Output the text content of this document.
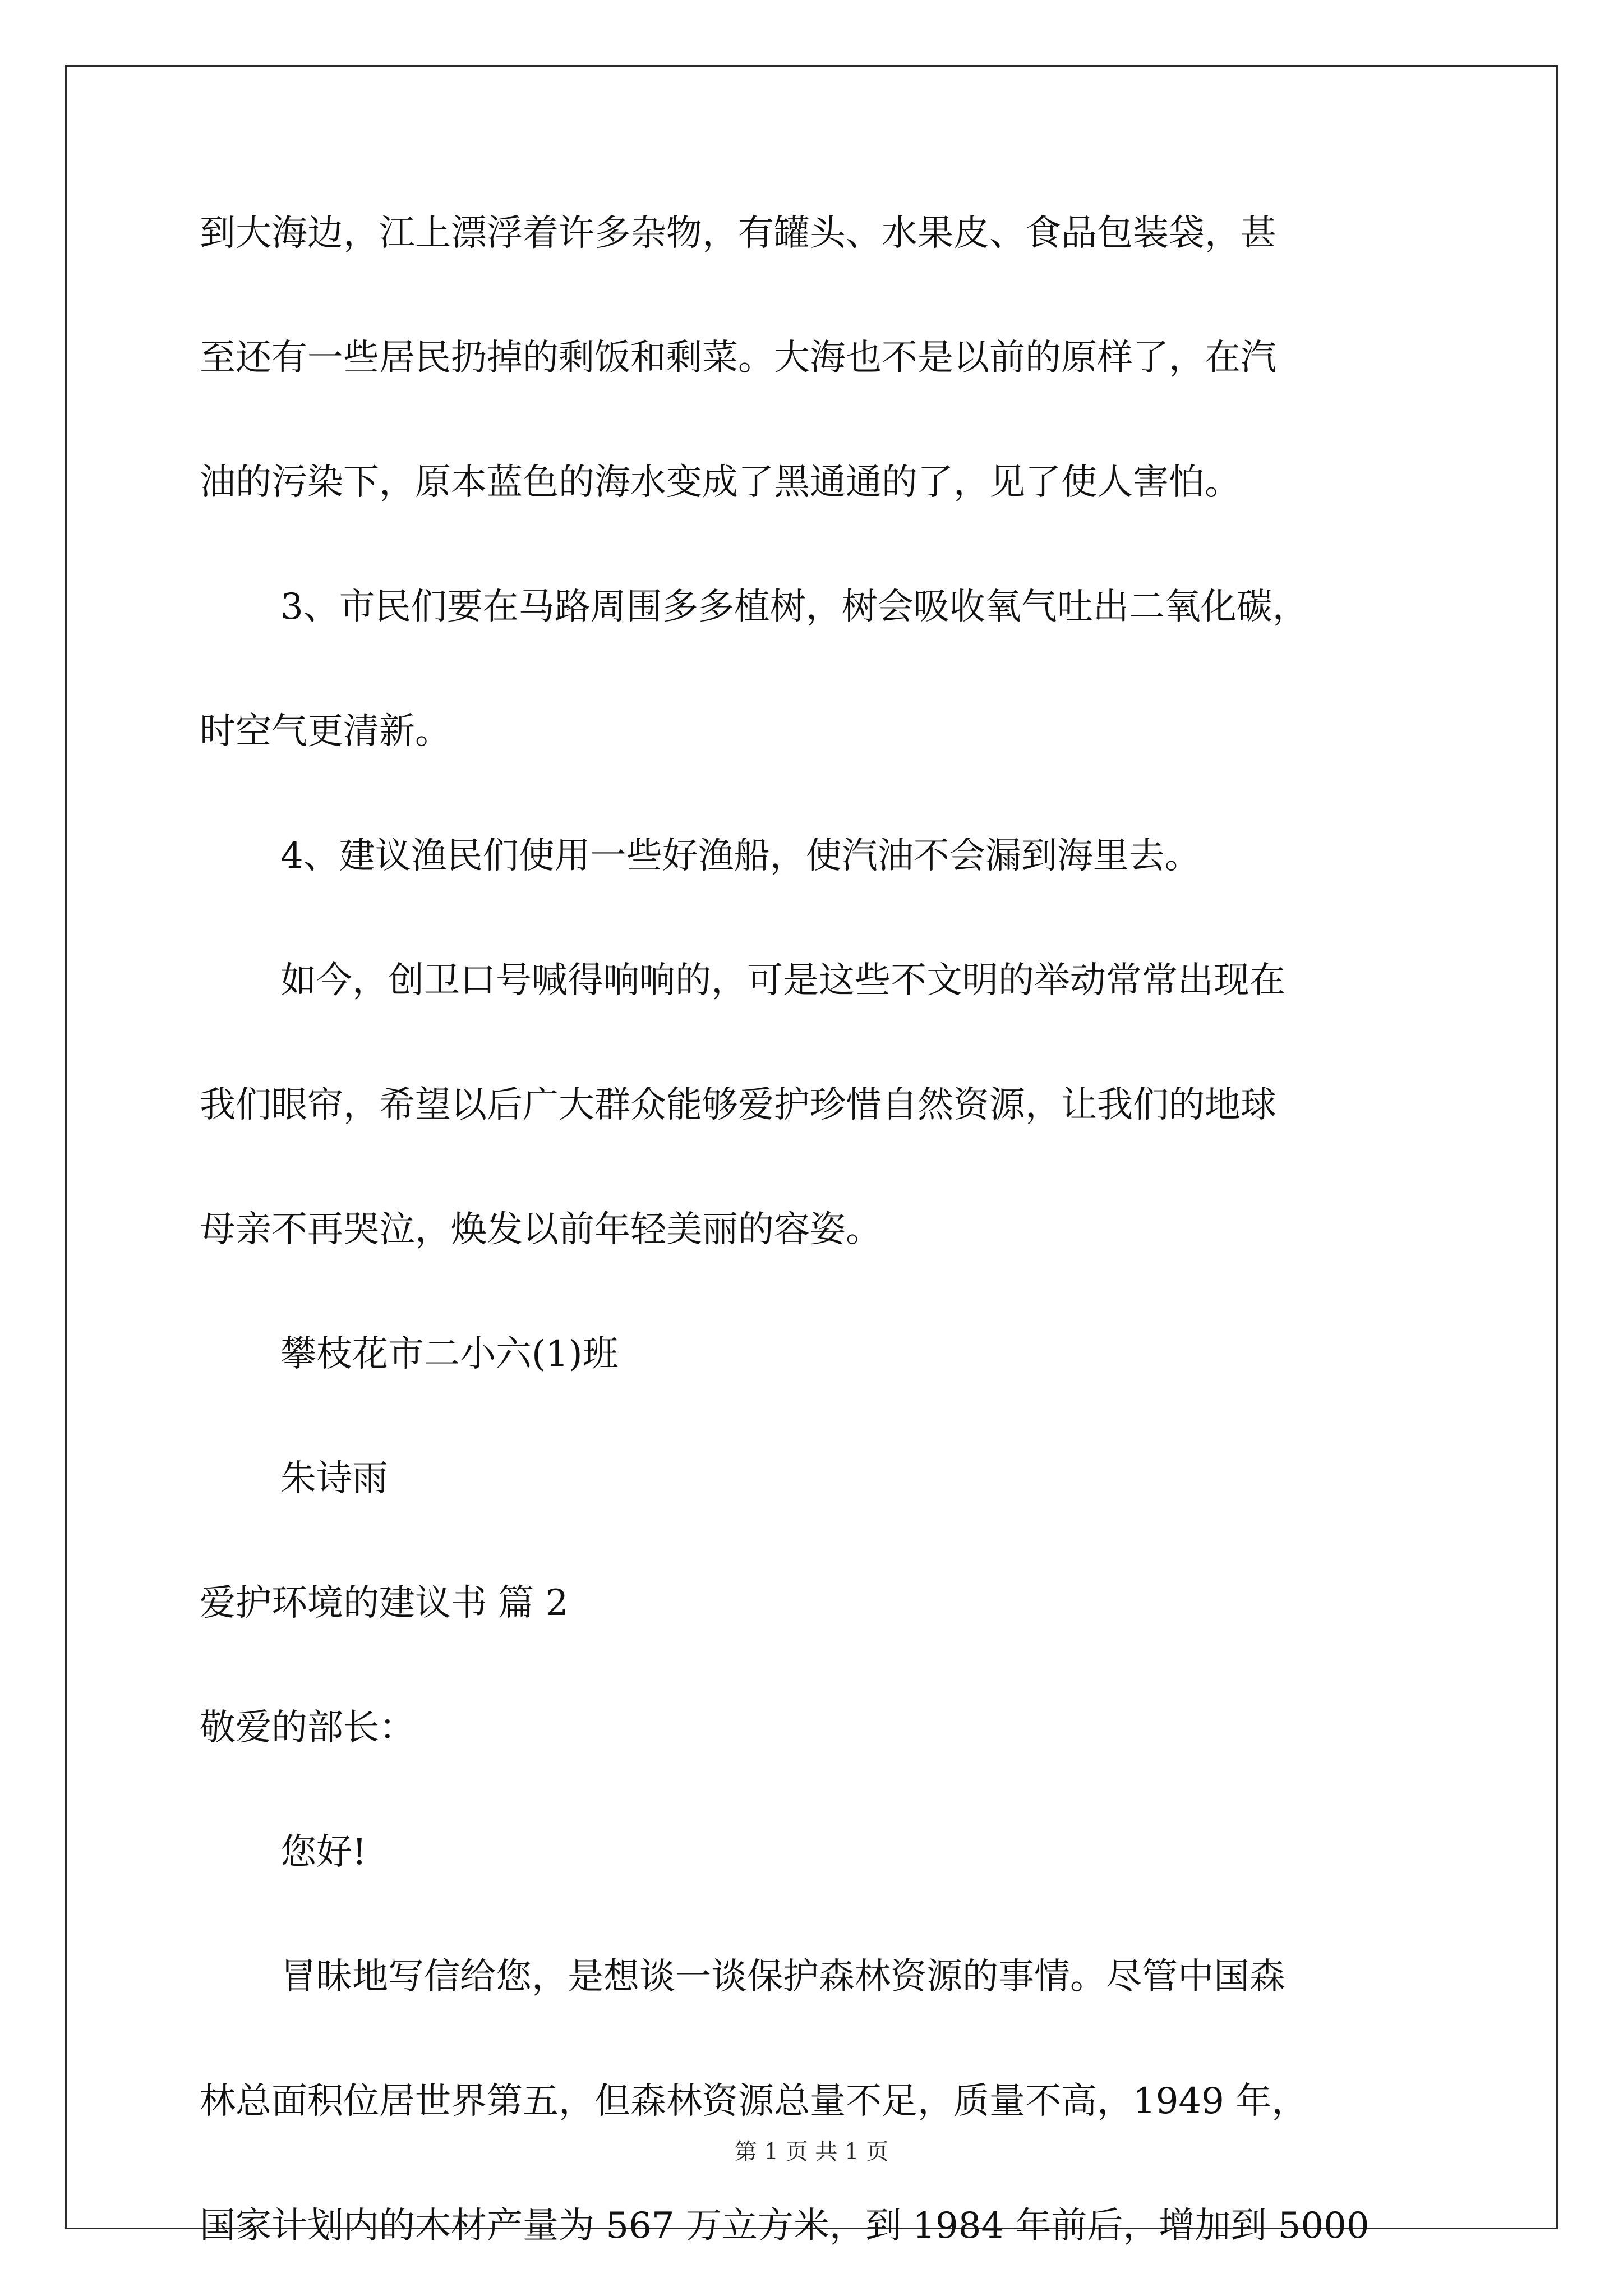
到大海边，江上漂浮着许多杂物，有罐头、水果皮、食品包装袋，甚
至还有一些居民扔掉的剩饭和剩菜。大海也不是以前的原样了，在汽
油的污染下，原本蓝色的海水变成了黑通通的了，见了使人害怕。
3、市民们要在马路周围多多植树，树会吸收氧气吐出二氧化碳，
时空气更清新。
4、建议渔民们使用一些好渔船，使汽油不会漏到海里去。
如今，创卫口号喊得响响的，可是这些不文明的举动常常出现在
我们眼帘，希望以后广大群众能够爱护珍惜自然资源，让我们的地球
母亲不再哭泣，焕发以前年轻美丽的容姿。
攀枝花市二小六(1)班
朱诗雨
爱护环境的建议书 篇 2
敬爱的部长：
您好!
冒昧地写信给您，是想谈一谈保护森林资源的事情。尽管中国森
林总面积位居世界第五，但森林资源总量不足，质量不高，1949 年，
国家计划内的木材产量为 567 万立方米，到 1984 年前后，增加到 5000
第 1 页 共 1 页
